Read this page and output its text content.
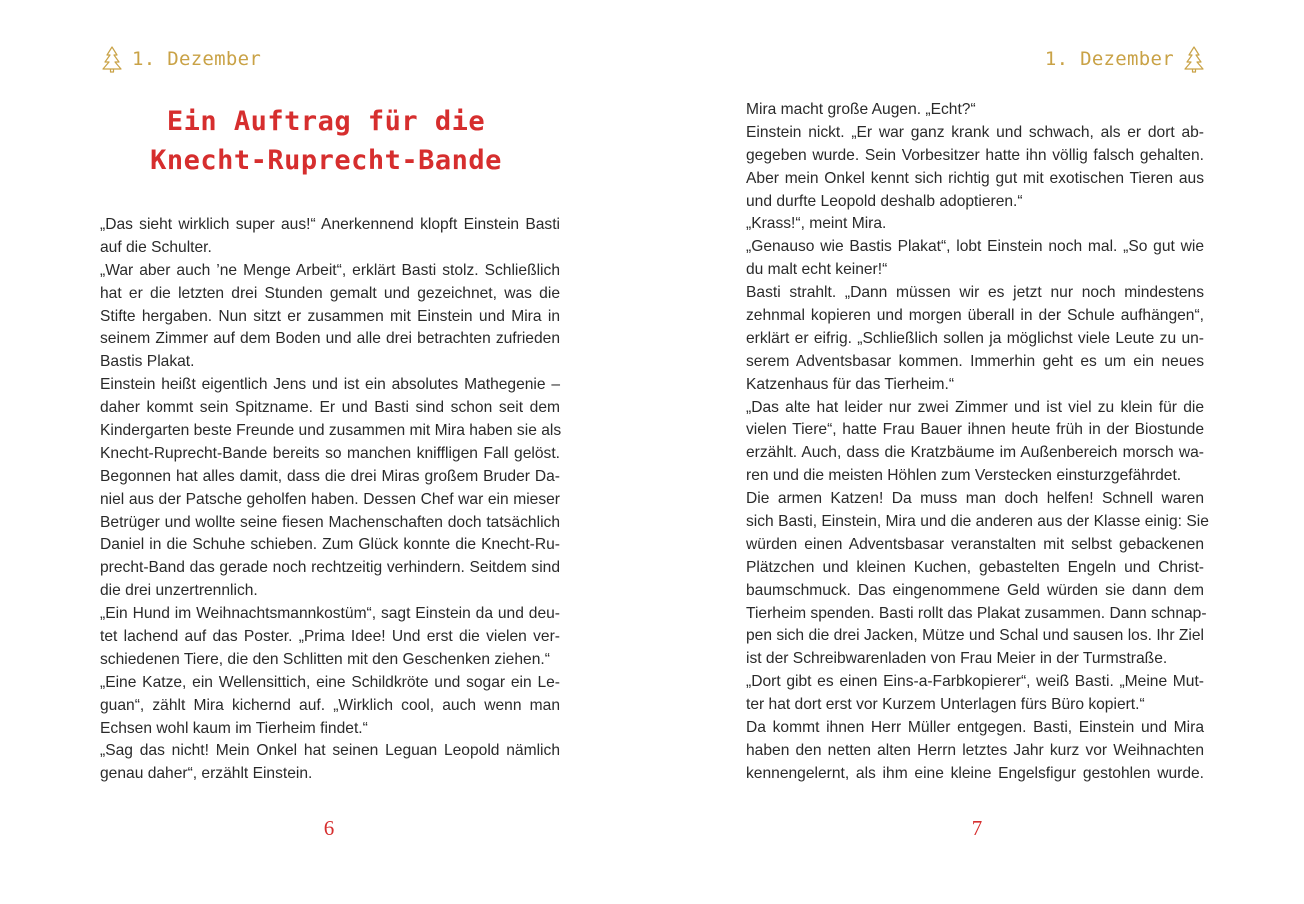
1. Dezember
Ein Auftrag für die
Knecht-Ruprecht-Bande
„Das sieht wirklich super aus!“ Anerkennend klopft Einstein Basti
auf die Schulter.
„War aber auch ’ne Menge Arbeit“, erklärt Basti stolz. Schließlich
hat er die letzten drei Stunden gemalt und gezeichnet, was die
Stifte hergaben. Nun sitzt er zusammen mit Einstein und Mira in
seinem Zimmer auf dem Boden und alle drei betrachten zufrieden
Bastis Plakat.
Einstein heißt eigentlich Jens und ist ein absolutes Mathegenie –
daher kommt sein Spitzname. Er und Basti sind schon seit dem
Kindergarten beste Freunde und zusammen mit Mira haben sie als
Knecht-Ruprecht-Bande bereits so manchen kniffligen Fall gelöst.
Begonnen hat alles damit, dass die drei Miras großem Bruder Da-
niel aus der Patsche geholfen haben. Dessen Chef war ein mieser
Betrüger und wollte seine fiesen Machenschaften doch tatsächlich
Daniel in die Schuhe schieben. Zum Glück konnte die Knecht-Ru-
precht-Band das gerade noch rechtzeitig verhindern. Seitdem sind
die drei unzertrennlich.
„Ein Hund im Weihnachtsmannkostüm“, sagt Einstein da und deu-
tet lachend auf das Poster. „Prima Idee! Und erst die vielen ver-
schiedenen Tiere, die den Schlitten mit den Geschenken ziehen.“
„Eine Katze, ein Wellensittich, eine Schildkröte und sogar ein Le-
guan“, zählt Mira kichernd auf. „Wirklich cool, auch wenn man
Echsen wohl kaum im Tierheim findet.“
„Sag das nicht! Mein Onkel hat seinen Leguan Leopold nämlich
genau daher“, erzählt Einstein.
6
1. Dezember
Mira macht große Augen. „Echt?“
Einstein nickt. „Er war ganz krank und schwach, als er dort ab-
gegeben wurde. Sein Vorbesitzer hatte ihn völlig falsch gehalten.
Aber mein Onkel kennt sich richtig gut mit exotischen Tieren aus
und durfte Leopold deshalb adoptieren.“
„Krass!“, meint Mira.
„Genauso wie Bastis Plakat“, lobt Einstein noch mal. „So gut wie
du malt echt keiner!“
Basti strahlt. „Dann müssen wir es jetzt nur noch mindestens
zehnmal kopieren und morgen überall in der Schule aufhängen“,
erklärt er eifrig. „Schließlich sollen ja möglichst viele Leute zu un-
serem Adventsbasar kommen. Immerhin geht es um ein neues
Katzenhaus für das Tierheim.“
„Das alte hat leider nur zwei Zimmer und ist viel zu klein für die
vielen Tiere“, hatte Frau Bauer ihnen heute früh in der Biostunde
erzählt. Auch, dass die Kratzbäume im Außenbereich morsch wa-
ren und die meisten Höhlen zum Verstecken einsturzgefährdet.
Die armen Katzen! Da muss man doch helfen! Schnell waren
sich Basti, Einstein, Mira und die anderen aus der Klasse einig: Sie
würden einen Adventsbasar veranstalten mit selbst gebackenen
Plätzchen und kleinen Kuchen, gebastelten Engeln und Christ-
baumschmuck. Das eingenommene Geld würden sie dann dem
Tierheim spenden. Basti rollt das Plakat zusammen. Dann schnap-
pen sich die drei Jacken, Mütze und Schal und sausen los. Ihr Ziel
ist der Schreibwarenladen von Frau Meier in der Turmstraße.
„Dort gibt es einen Eins-a-Farbkopierer“, weiß Basti. „Meine Mut-
ter hat dort erst vor Kurzem Unterlagen fürs Büro kopiert.“
Da kommt ihnen Herr Müller entgegen. Basti, Einstein und Mira
haben den netten alten Herrn letztes Jahr kurz vor Weihnachten
kennengelernt, als ihm eine kleine Engelsfigur gestohlen wurde.
7
